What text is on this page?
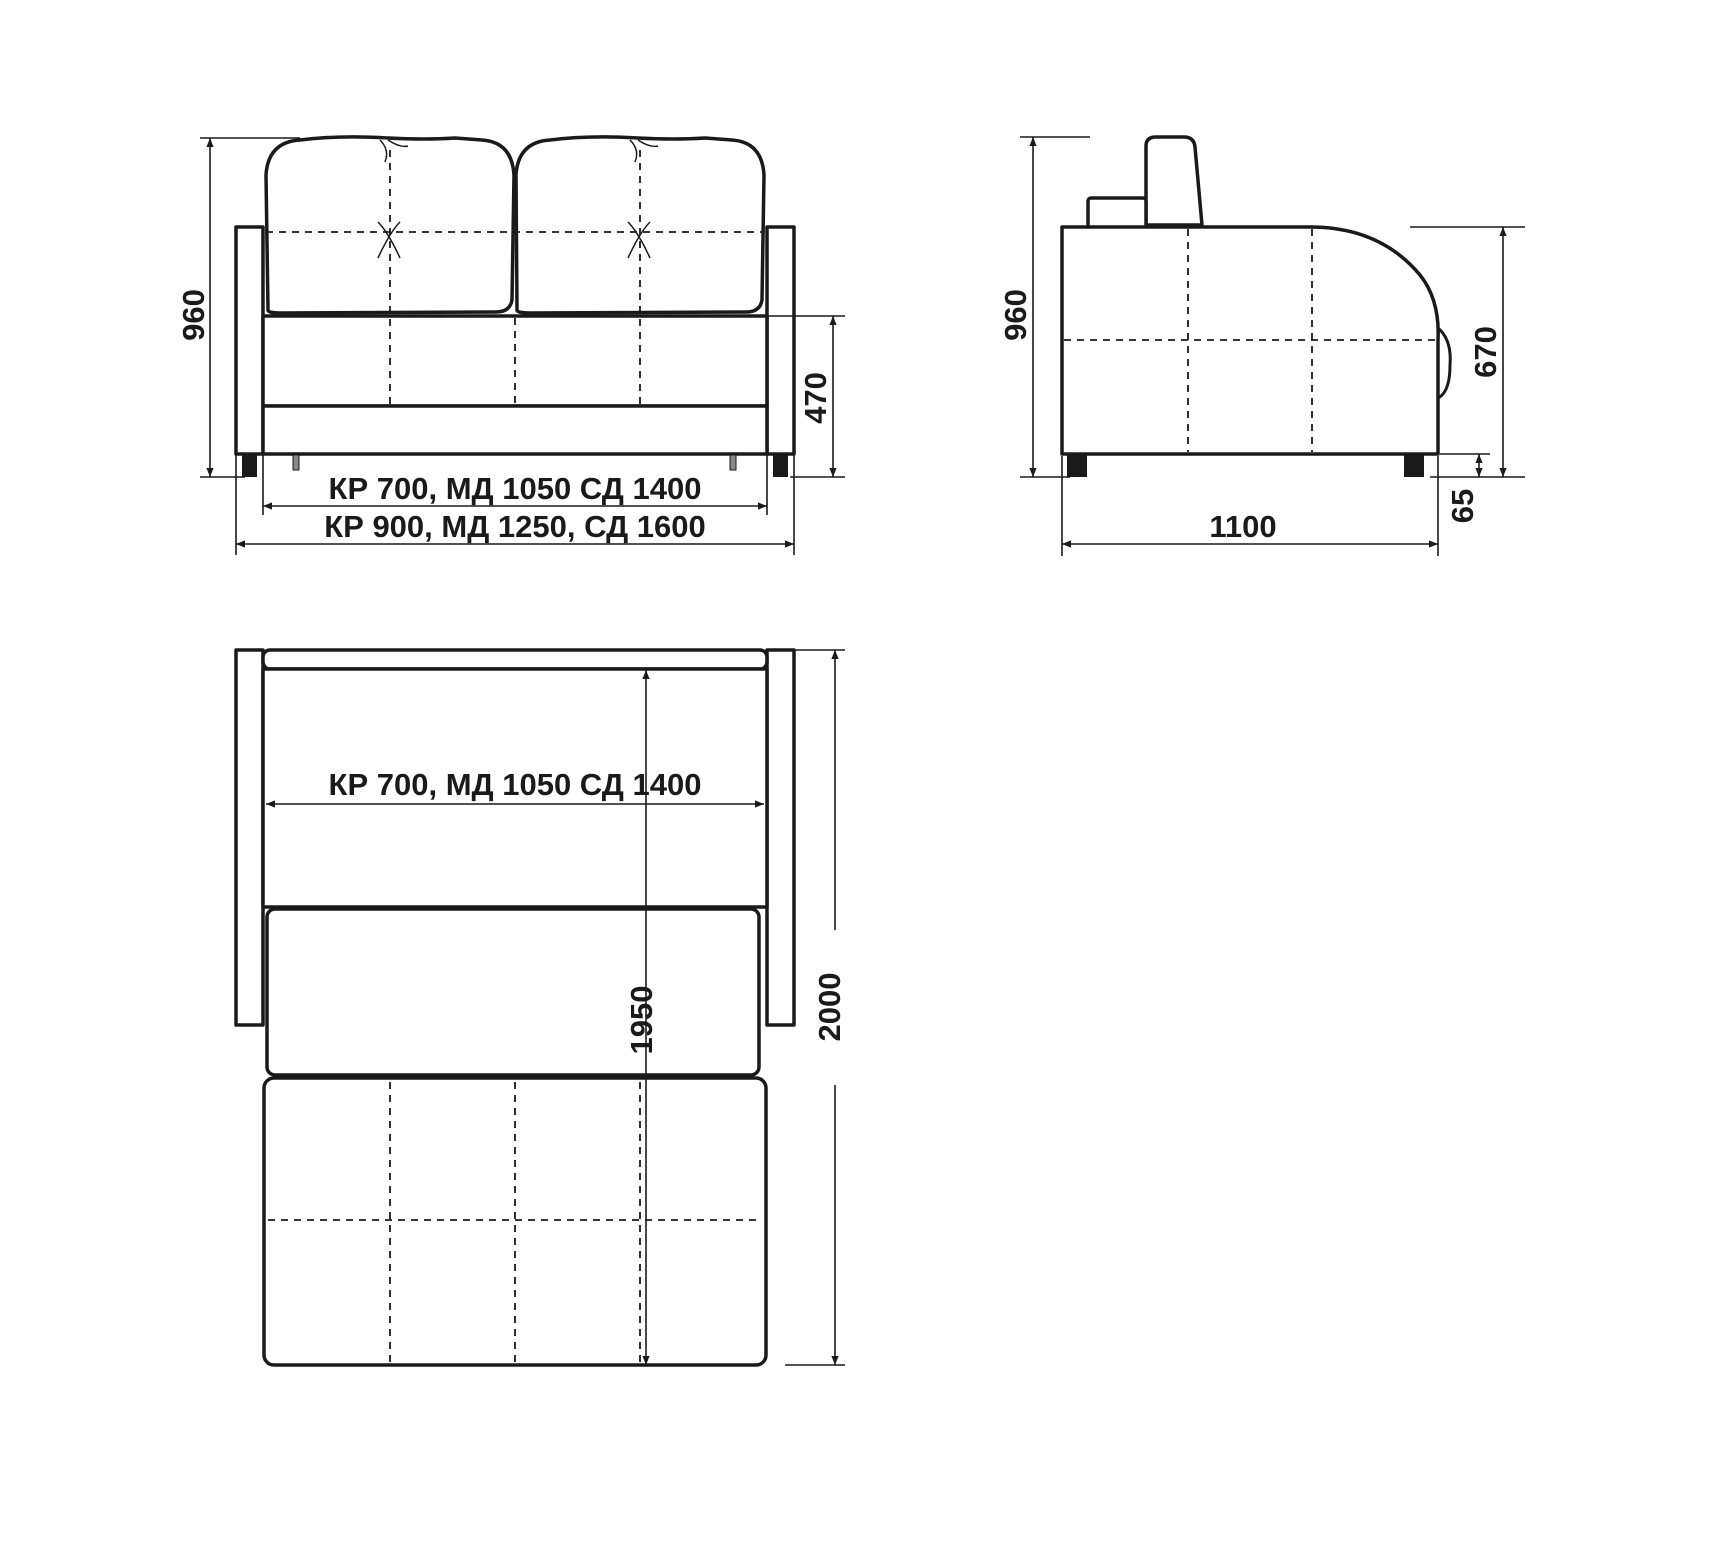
960
470
КР 700, МД 1050 СД 1400
КР 900, МД 1250, СД 1600
960
670
65
1100
1950
КР 700, МД 1050 СД 1400
2000
